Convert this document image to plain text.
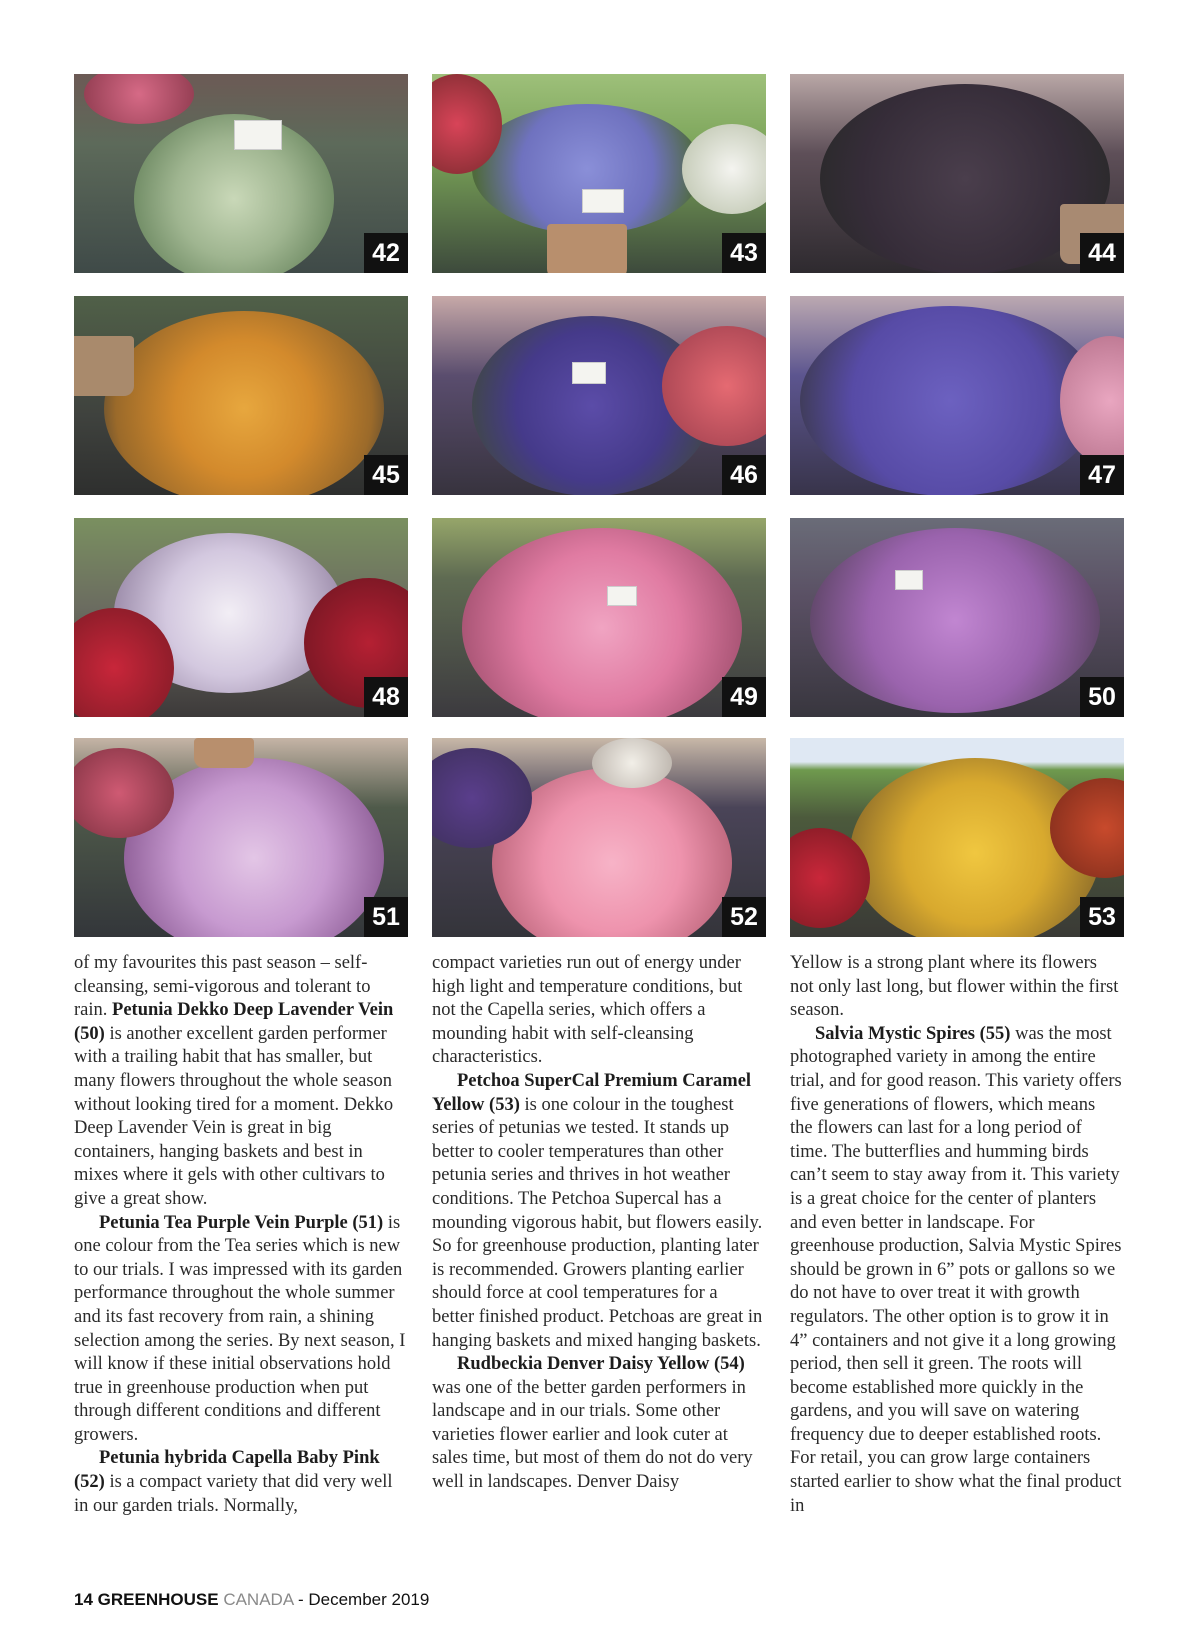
42	43	44
45	46	47
48	49	50
51	52	53

of my favourites this past season – self-cleansing, semi-vigorous and tolerant to rain. Petunia Dekko Deep Lavender Vein (50) is another excellent garden performer with a trailing habit that has smaller, but many flowers throughout the whole season without looking tired for a moment. Dekko Deep Lavender Vein is great in big containers, hanging baskets and best in mixes where it gels with other cultivars to give a great show.

Petunia Tea Purple Vein Purple (51) is one colour from the Tea series which is new to our trials. I was impressed with its garden performance throughout the whole summer and its fast recovery from rain, a shining selection among the series. By next season, I will know if these initial observations hold true in greenhouse production when put through different conditions and different growers.

Petunia hybrida Capella Baby Pink (52) is a compact variety that did very well in our garden trials. Normally,

compact varieties run out of energy under high light and temperature conditions, but not the Capella series, which offers a mounding habit with self-cleansing characteristics.

Petchoa SuperCal Premium Caramel Yellow (53) is one colour in the toughest series of petunias we tested. It stands up better to cooler temperatures than other petunia series and thrives in hot weather conditions. The Petchoa Supercal has a mounding vigorous habit, but flowers easily. So for greenhouse production, planting later is recommended. Growers planting earlier should force at cool temperatures for a better finished product. Petchoas are great in hanging baskets and mixed hanging baskets.

Rudbeckia Denver Daisy Yellow (54) was one of the better garden performers in landscape and in our trials. Some other varieties flower earlier and look cuter at sales time, but most of them do not do very well in landscapes. Denver Daisy

Yellow is a strong plant where its flowers not only last long, but flower within the first season.

Salvia Mystic Spires (55) was the most photographed variety in among the entire trial, and for good reason. This variety offers five generations of flowers, which means the flowers can last for a long period of time. The butterflies and humming birds can’t seem to stay away from it. This variety is a great choice for the center of planters and even better in landscape. For greenhouse production, Salvia Mystic Spires should be grown in 6” pots or gallons so we do not have to over treat it with growth regulators. The other option is to grow it in 4” containers and not give it a long growing period, then sell it green. The roots will become established more quickly in the gardens, and you will save on watering frequency due to deeper established roots. For retail, you can grow large containers started earlier to show what the final product in

14 GREENHOUSE CANADA - December 2019
